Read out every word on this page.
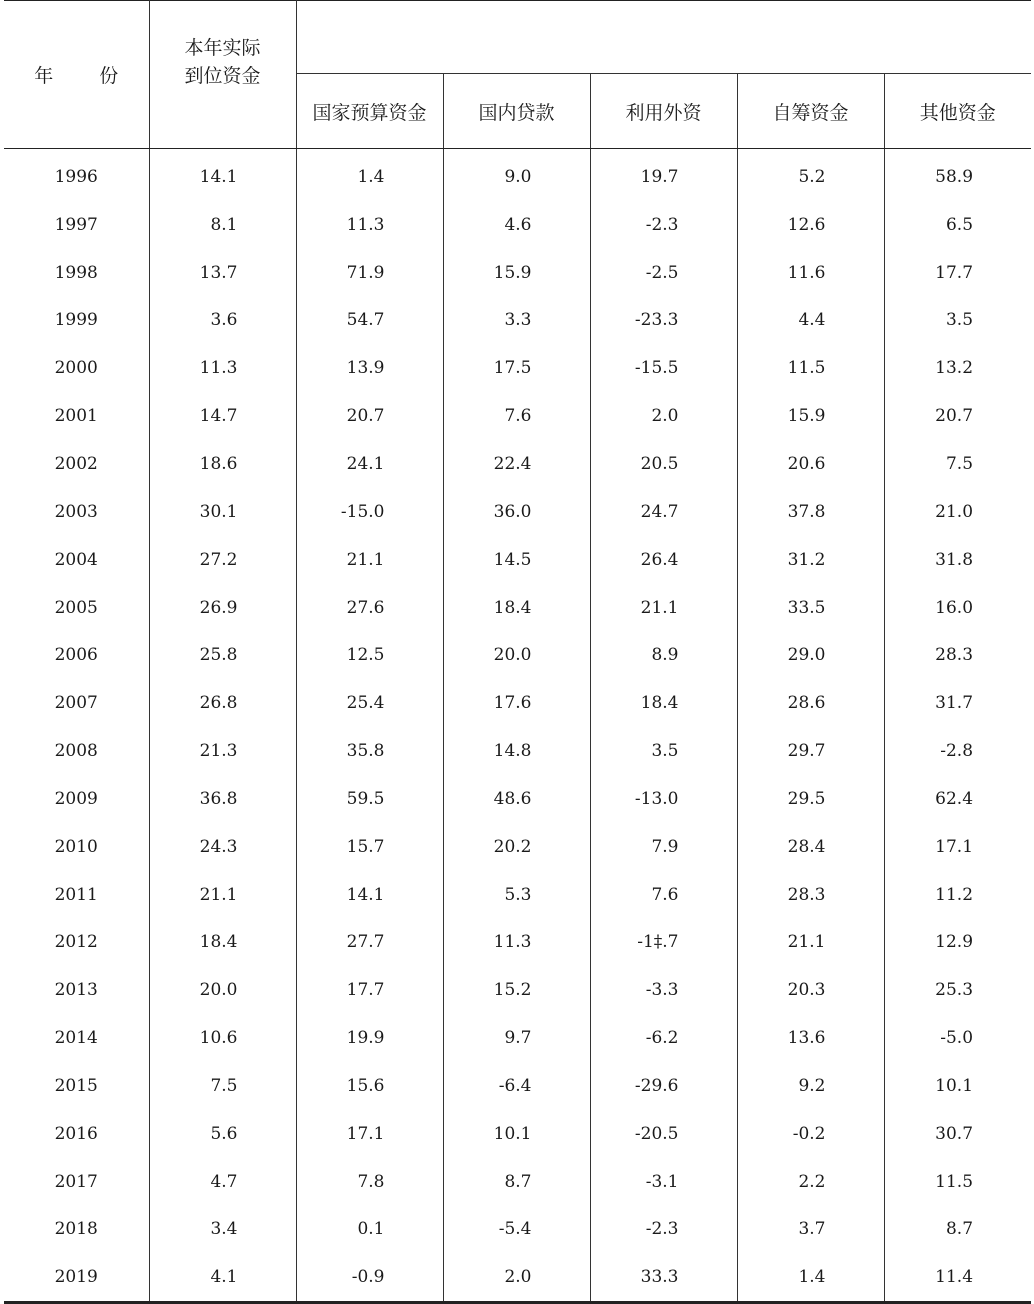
年 份	本年实际
到位资金					

		国家预算资金	国内贷款	利用外资	自筹资金	其他资金
1996	14.1	1.4	9.0	19.7	5.2	58.9
1997	8.1	11.3	4.6	-2.3	12.6	6.5
1998	13.7	71.9	15.9	-2.5	11.6	17.7
1999	3.6	54.7	3.3	-23.3	4.4	3.5
2000	11.3	13.9	17.5	-15.5	11.5	13.2
2001	14.7	20.7	7.6	2.0	15.9	20.7
2002	18.6	24.1	22.4	20.5	20.6	7.5
2003	30.1	-15.0	36.0	24.7	37.8	21.0
2004	27.2	21.1	14.5	26.4	31.2	31.8
2005	26.9	27.6	18.4	21.1	33.5	16.0
2006	25.8	12.5	20.0	8.9	29.0	28.3
2007	26.8	25.4	17.6	18.4	28.6	31.7
2008	21.3	35.8	14.8	3.5	29.7	-2.8
2009	36.8	59.5	48.6	-13.0	29.5	62.4
2010	24.3	15.7	20.2	7.9	28.4	17.1
2011	21.1	14.1	5.3	7.6	28.3	11.2
2012	18.4	27.7	11.3	-1‡.7	21.1	12.9
2013	20.0	17.7	15.2	-3.3	20.3	25.3
2014	10.6	19.9	9.7	-6.2	13.6	-5.0
2015	7.5	15.6	-6.4	-29.6	9.2	10.1
2016	5.6	17.1	10.1	-20.5	-0.2	30.7
2017	4.7	7.8	8.7	-3.1	2.2	11.5
2018	3.4	0.1	-5.4	-2.3	3.7	8.7
2019	4.1	-0.9	2.0	33.3	1.4	11.4
